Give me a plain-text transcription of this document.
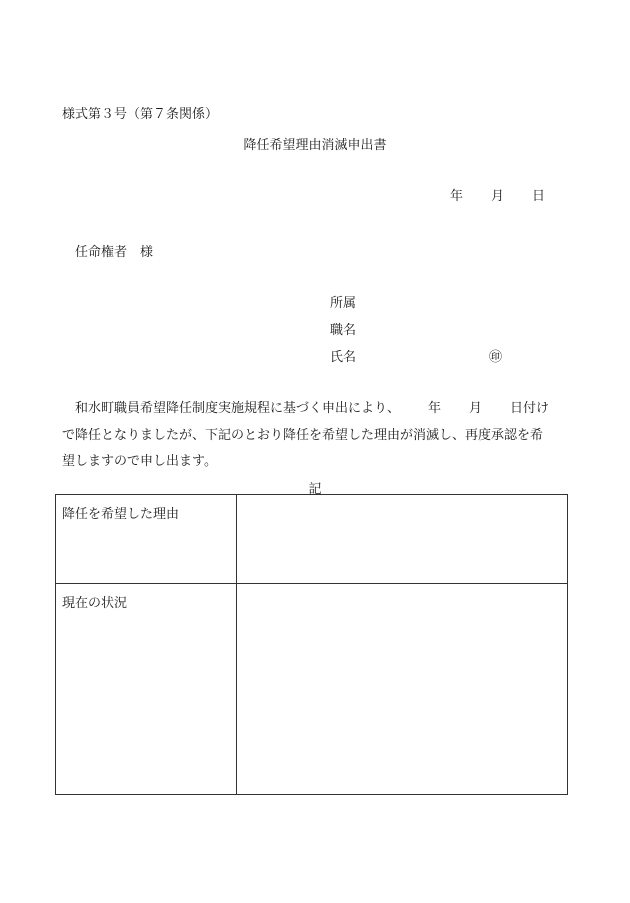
様式第３号（第７条関係）
降任希望理由消滅申出書
年 月 日
任命権者　様
所属
職名
氏名	㊞
和水町職員希望降任制度実施規程に基づく申出により、 年 月 日付け
で降任となりましたが、下記のとおり降任を希望した理由が消滅し、再度承認を希
望しますので申し出ます。
記
降任を希望した理由	
現在の状況	
